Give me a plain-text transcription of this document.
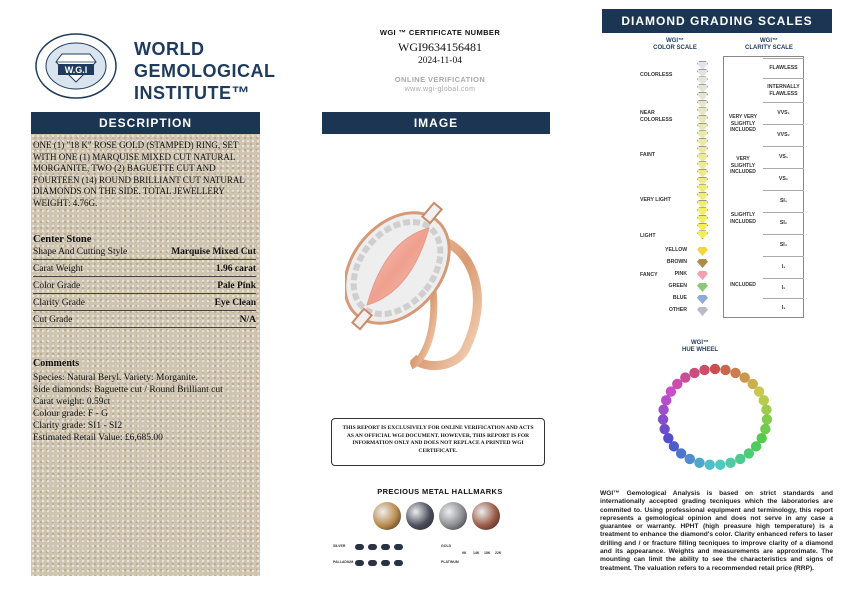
W.G.I
WORLD
GEMOLOGICAL
INSTITUTE™
DESCRIPTION
ONE (1) "18 K" ROSE GOLD (STAMPED) RING, SET WITH ONE (1) MARQUISE MIXED CUT NATURAL MORGANITE, TWO (2) BAGUETTE CUT AND FOURTEEN (14) ROUND BRILLIANT CUT NATURAL DIAMONDS ON THE SIDE. TOTAL JEWELLERY WEIGHT: 4.76G.
Center Stone
Shape And Cutting Style	Marquise Mixed Cut
Carat Weight	1.96 carat
Color Grade	Pale Pink
Clarity Grade	Eye Clean
Cut Grade	N/A
Comments
Species: Natural Beryl. Variety: Morganite.
Side diamonds: Baguette cut / Round Brilliant cut
Carat weight: 0.59ct
Colour grade: F - G
Clarity grade: SI1 - SI2
Estimated Retail Value: £6,685.00
WGI ™ CERTIFICATE NUMBER
WGI9634156481
2024-11-04
ONLINE VERIFICATION
www.wgi-global.com
IMAGE
THIS REPORT IS EXCLUSIVELY FOR ONLINE VERIFICATION AND ACTS AS AN OFFICIAL WGI DOCUMENT. HOWEVER, THIS REPORT IS FOR INFORMATION ONLY AND DOES NOT REPLACE A PRINTED WGI CERTIFICATE.
PRECIOUS METAL HALLMARKS
SILVER
PALLADIUM
GOLD
PLATINUM
9K 14K 18K 22K
DIAMOND GRADING SCALES
WGI™
COLOR SCALE
WGI™
CLARITY SCALE
COLORLESS
NEAR
COLORLESS
FAINT
VERY LIGHT
LIGHT
FANCY
YELLOW
BROWN
PINK
GREEN
BLUE
OTHER
VERY VERY
SLIGHTLY
INCLUDED
VERY
SLIGHTLY
INCLUDED
SLIGHTLY
INCLUDED
INCLUDED
FLAWLESS
INTERNALLY
FLAWLESS
VVS₁
VVS₂
VS₁
VS₂
SI₁
SI₂
SI₃
I₁
I₂
I₃
WGI™
HUE WHEEL
WGI™ Gemological Analysis is based on strict standards and internationally accepted grading tecniques which the laboratories are commited to. Using professional equipment and terminology, this report represents a gemological opinion and does not serve in any case a guarantee or warranty. HPHT (high preasure high temperature) is a treatment to enhance the diamond's color. Clarity enhanced refers to laser drilling and / or fracture filling tecniques to improve clarity of a diamond and its appearance. Weights and measurements are approximate. The mounting can limit the ability to see the characteristics and signs of treatment. The valuation refers to a recommended retail price (RRP).
